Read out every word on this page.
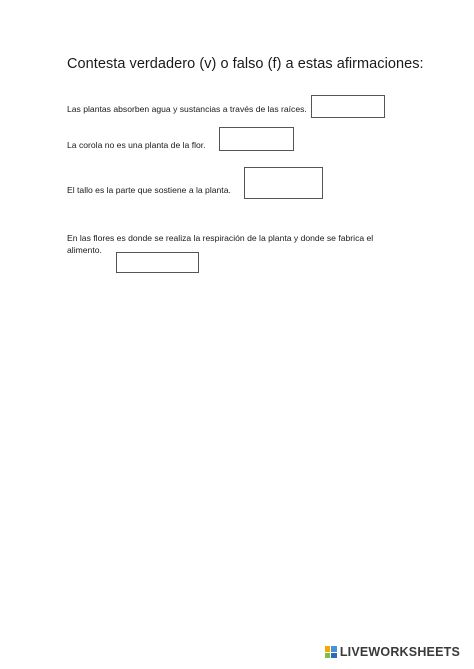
Contesta verdadero (v) o falso (f) a estas afirmaciones:
Las plantas absorben agua y sustancias a través de las raíces.
La corola no es una planta de la flor.
El tallo es la parte que sostiene a la planta.
En las flores es donde se realiza la respiración de la planta y donde se fabrica el alimento.
LIVEWORKSHEETS
